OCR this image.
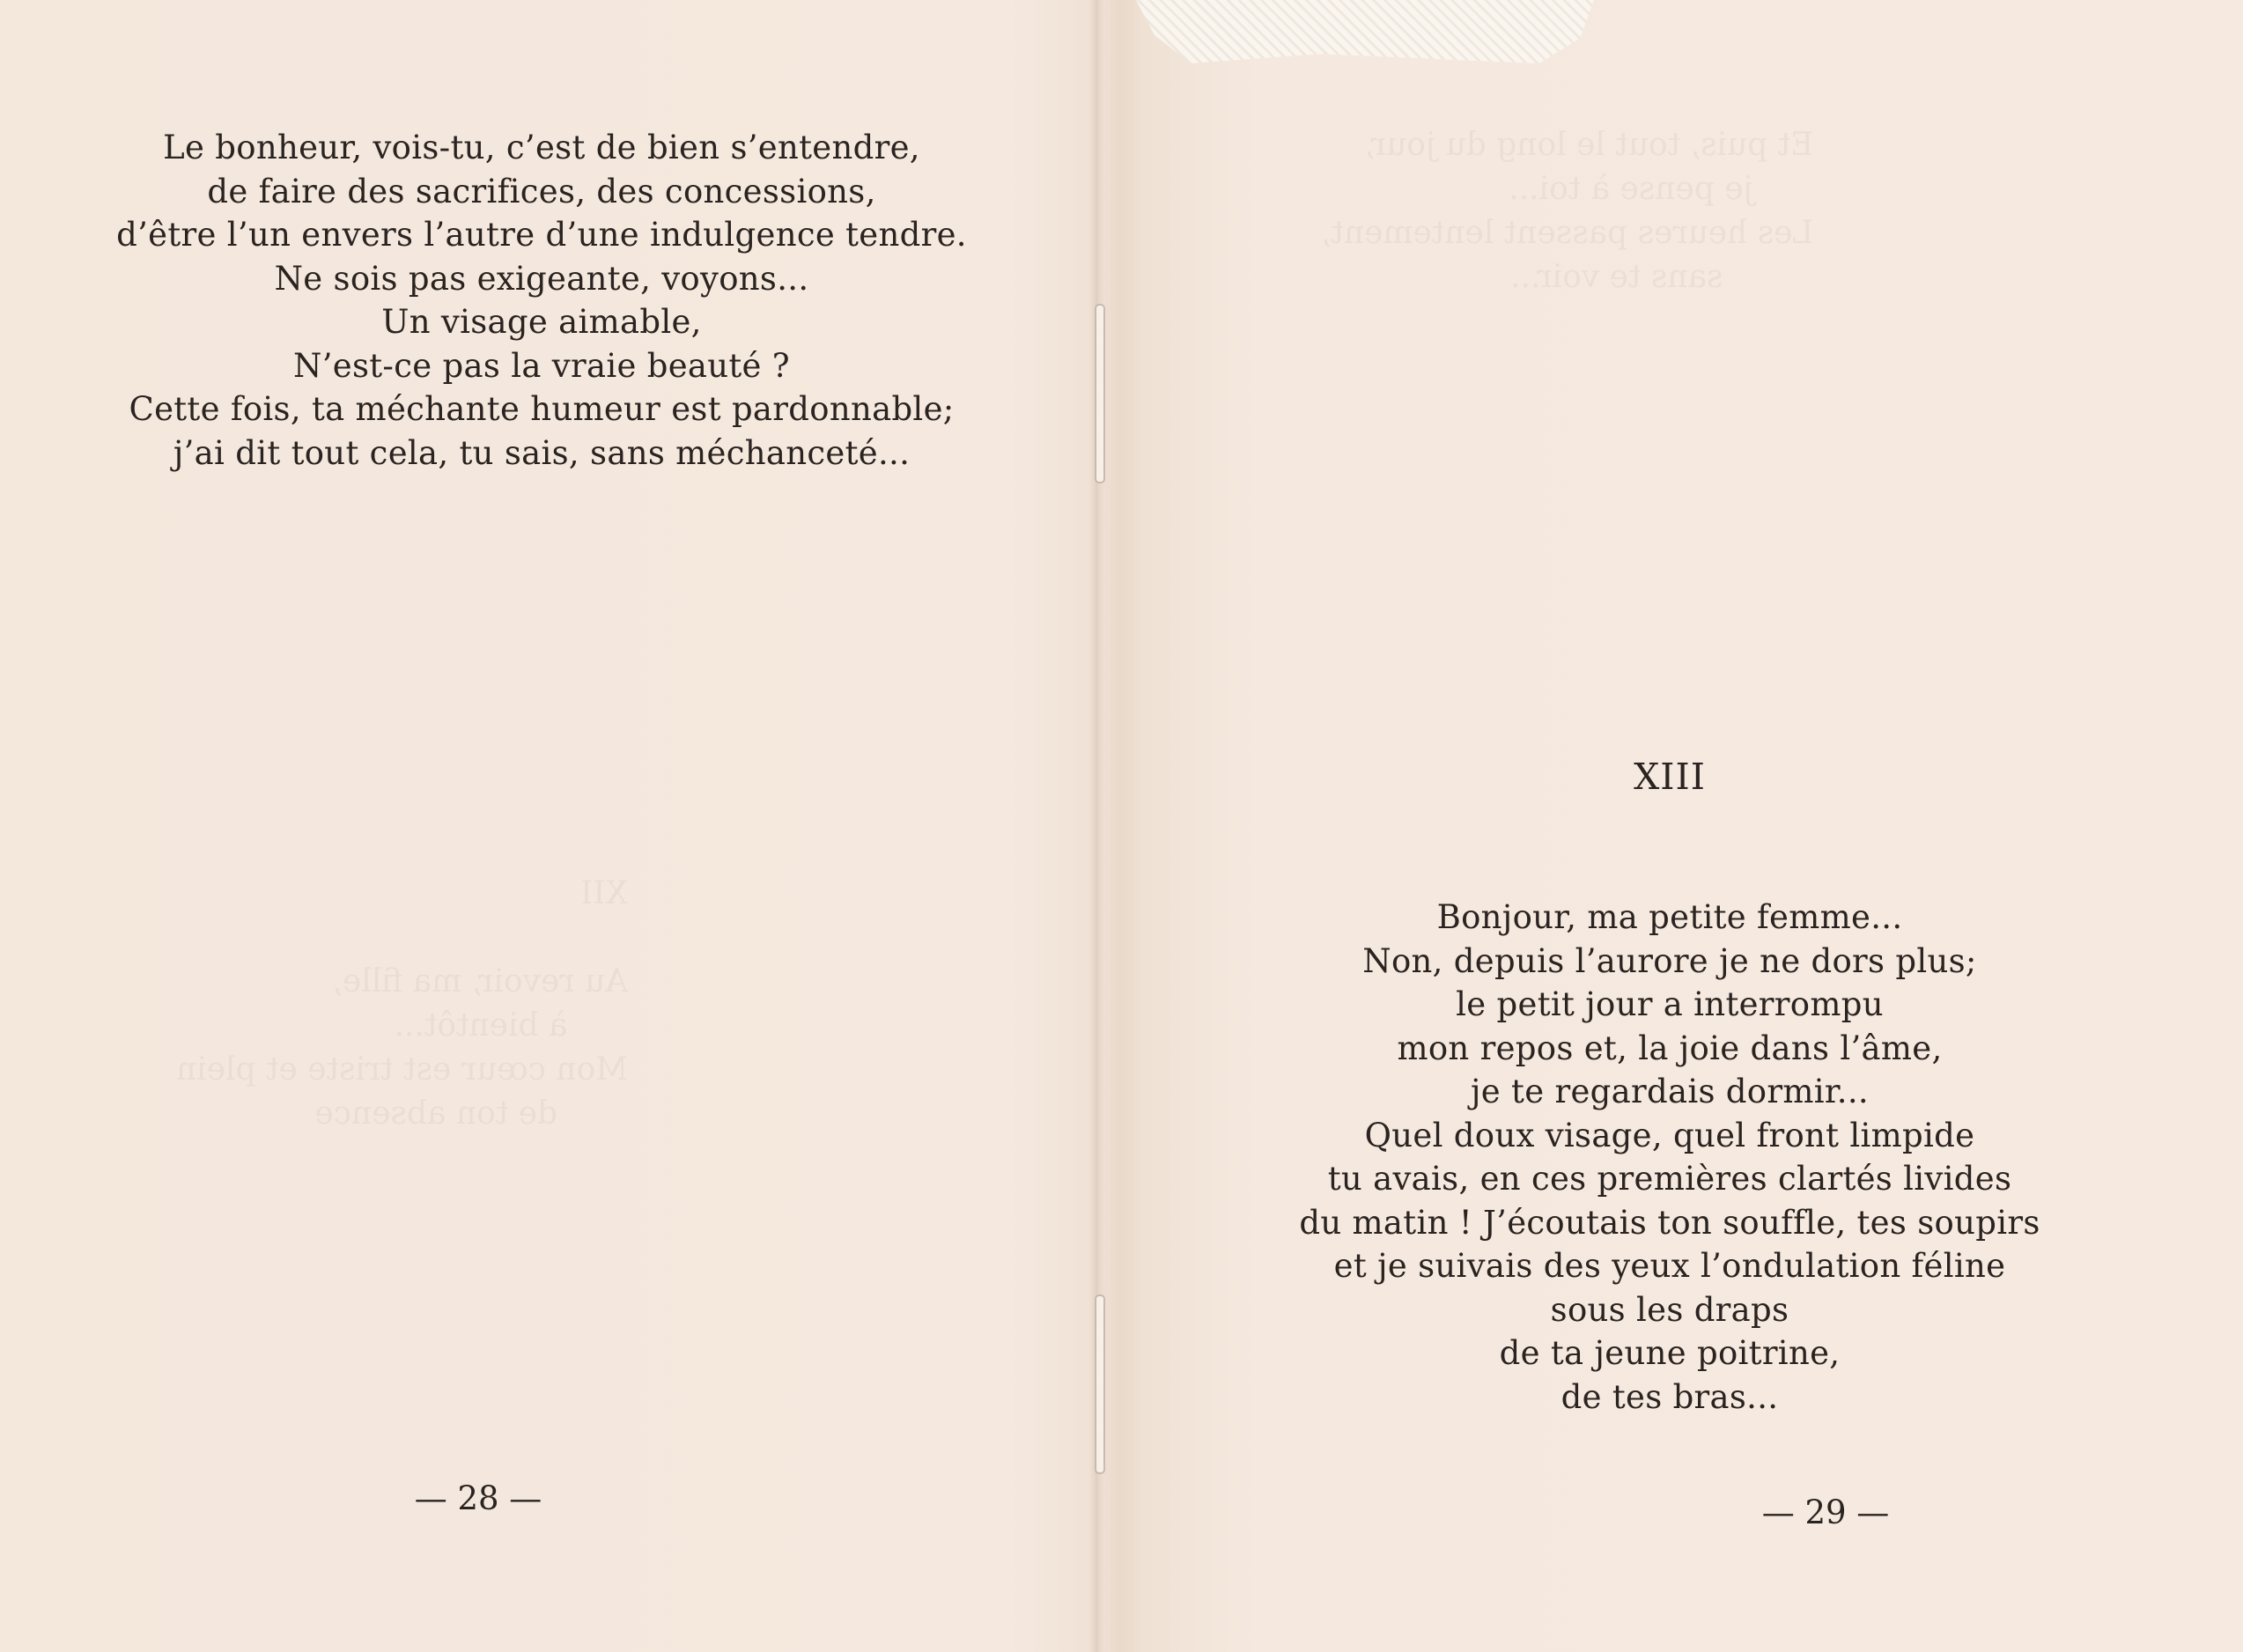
XII

Au revoir, ma fille,
à bientôt...
Mon cœur est triste et plein
de ton absence
Et puis, tout le long du jour,
je pense à toi...
Les heures passent lentement,
sans te voir...
Le bonheur, vois-tu, c’est de bien s’entendre,
de faire des sacrifices, des concessions,
d’être l’un envers l’autre d’une indulgence tendre.
Ne sois pas exigeante, voyons...
Un visage aimable,
N’est-ce pas la vraie beauté ?
Cette fois, ta méchante humeur est pardonnable;
j’ai dit tout cela, tu sais, sans méchanceté...
— 28 —
XIII
Bonjour, ma petite femme...
Non, depuis l’aurore je ne dors plus;
le petit jour a interrompu
mon repos et, la joie dans l’âme,
je te regardais dormir...
Quel doux visage, quel front limpide
tu avais, en ces premières clartés livides
du matin ! J’écoutais ton souffle, tes soupirs
et je suivais des yeux l’ondulation féline
sous les draps
de ta jeune poitrine,
de tes bras...
— 29 —
